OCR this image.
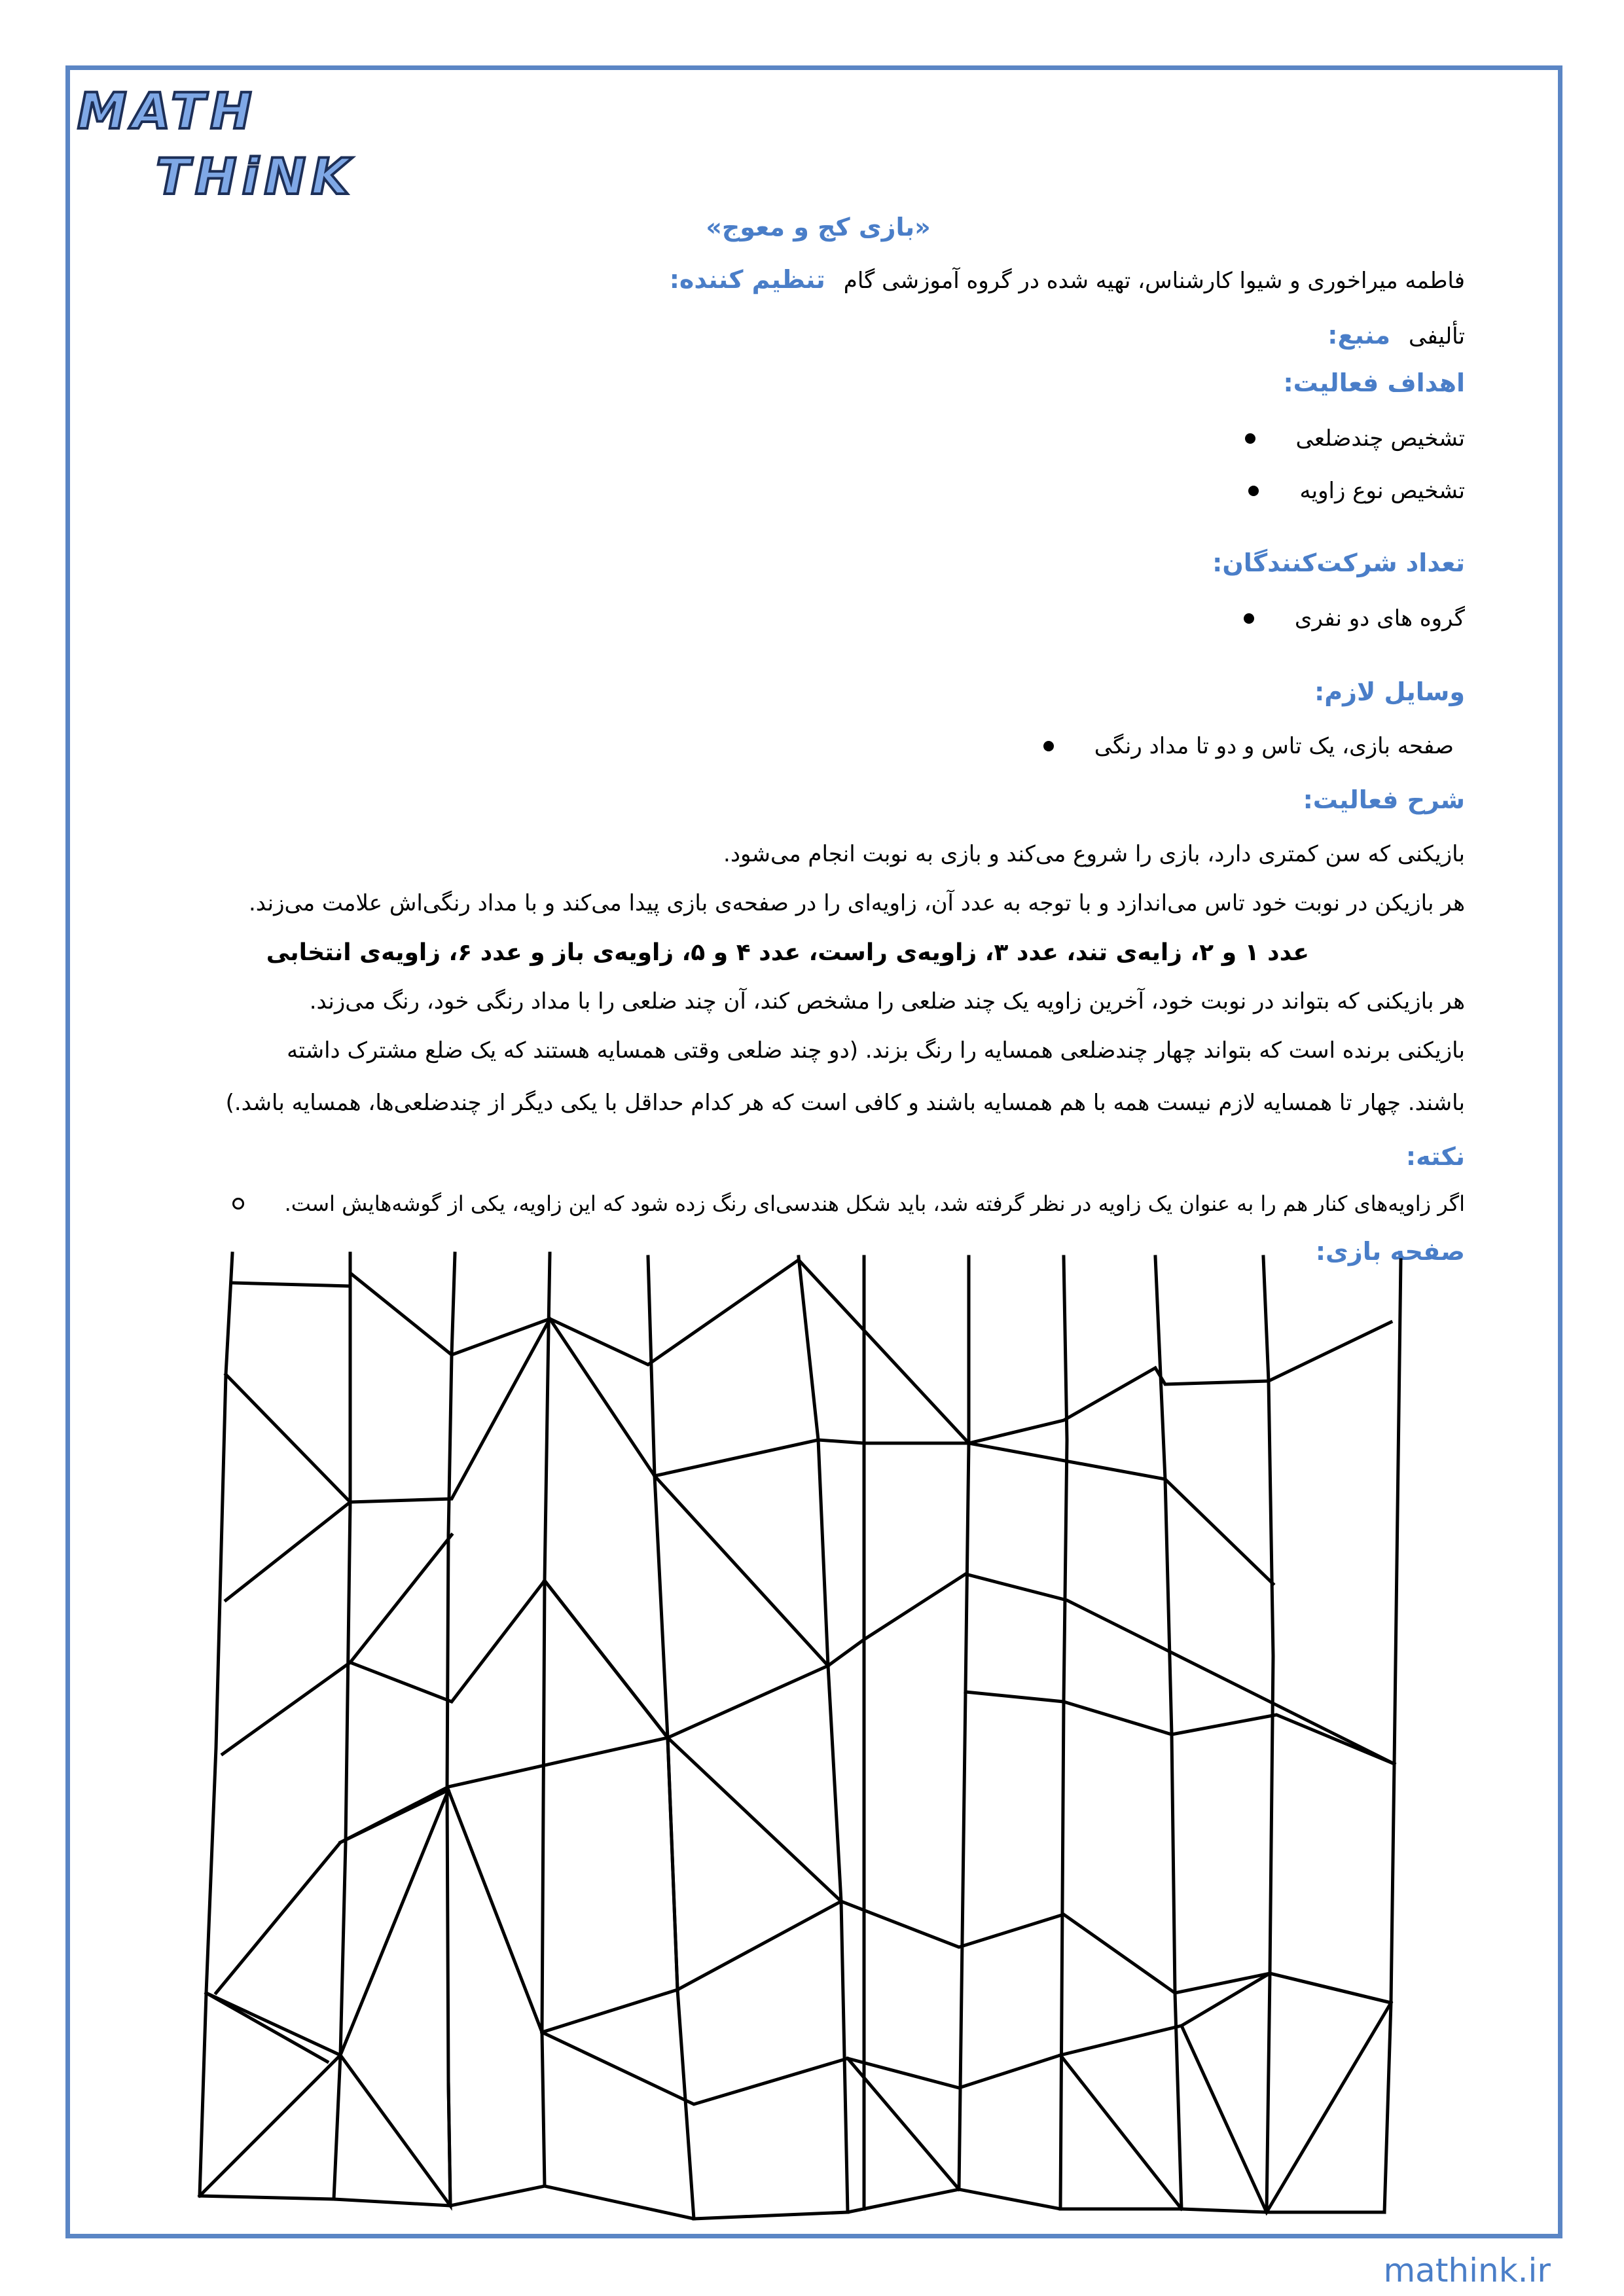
MATH
THiNK
«بازی کج و معوج»
تنظیم کننده: فاطمه میراخوری و شیوا کارشناس، تهیه شده در گروه آموزشی گام
منبع: تألیفی
اهداف فعالیت:
تشخیص چندضلعی
تشخیص نوع زاویه
تعداد شرکت‌کنندگان:
گروه های دو نفری
وسایل لازم:
صفحه بازی، یک تاس و دو تا مداد رنگی
شرح فعالیت:
بازیکنی که سن کمتری دارد، بازی را شروع می‌کند و بازی به نوبت انجام می‌شود.
هر بازیکن در نوبت خود تاس می‌اندازد و با توجه به عدد آن، زاویه‌ای را در صفحه‌ی بازی پیدا می‌کند و با مداد رنگی‌اش علامت می‌زند.
عدد ۱ و ۲، زایه‌ی تند، عدد ۳، زاویه‌ی راست، عدد ۴ و ۵، زاویه‌ی باز و عدد ۶، زاویه‌ی انتخابی
هر بازیکنی که بتواند در نوبت خود، آخرین زاویه یک چند ضلعی را مشخص کند، آن چند ضلعی را با مداد رنگی خود، رنگ می‌زند.
بازیکنی برنده است که بتواند چهار چندضلعی همسایه را رنگ بزند. (دو چند ضلعی وقتی همسایه هستند که یک ضلع مشترک داشته
باشند. چهار تا همسایه لازم نیست همه با هم همسایه باشند و کافی است که هر کدام حداقل با یکی دیگر از چندضلعی‌ها، همسایه باشد.)
نکته:
اگر زاویه‌های کنار هم را به عنوان یک زاویه در نظر گرفته شد، باید شکل هندسی‌ای رنگ زده شود که این زاویه، یکی از گوشه‌هایش است.
صفحه بازی:
mathink.ir
